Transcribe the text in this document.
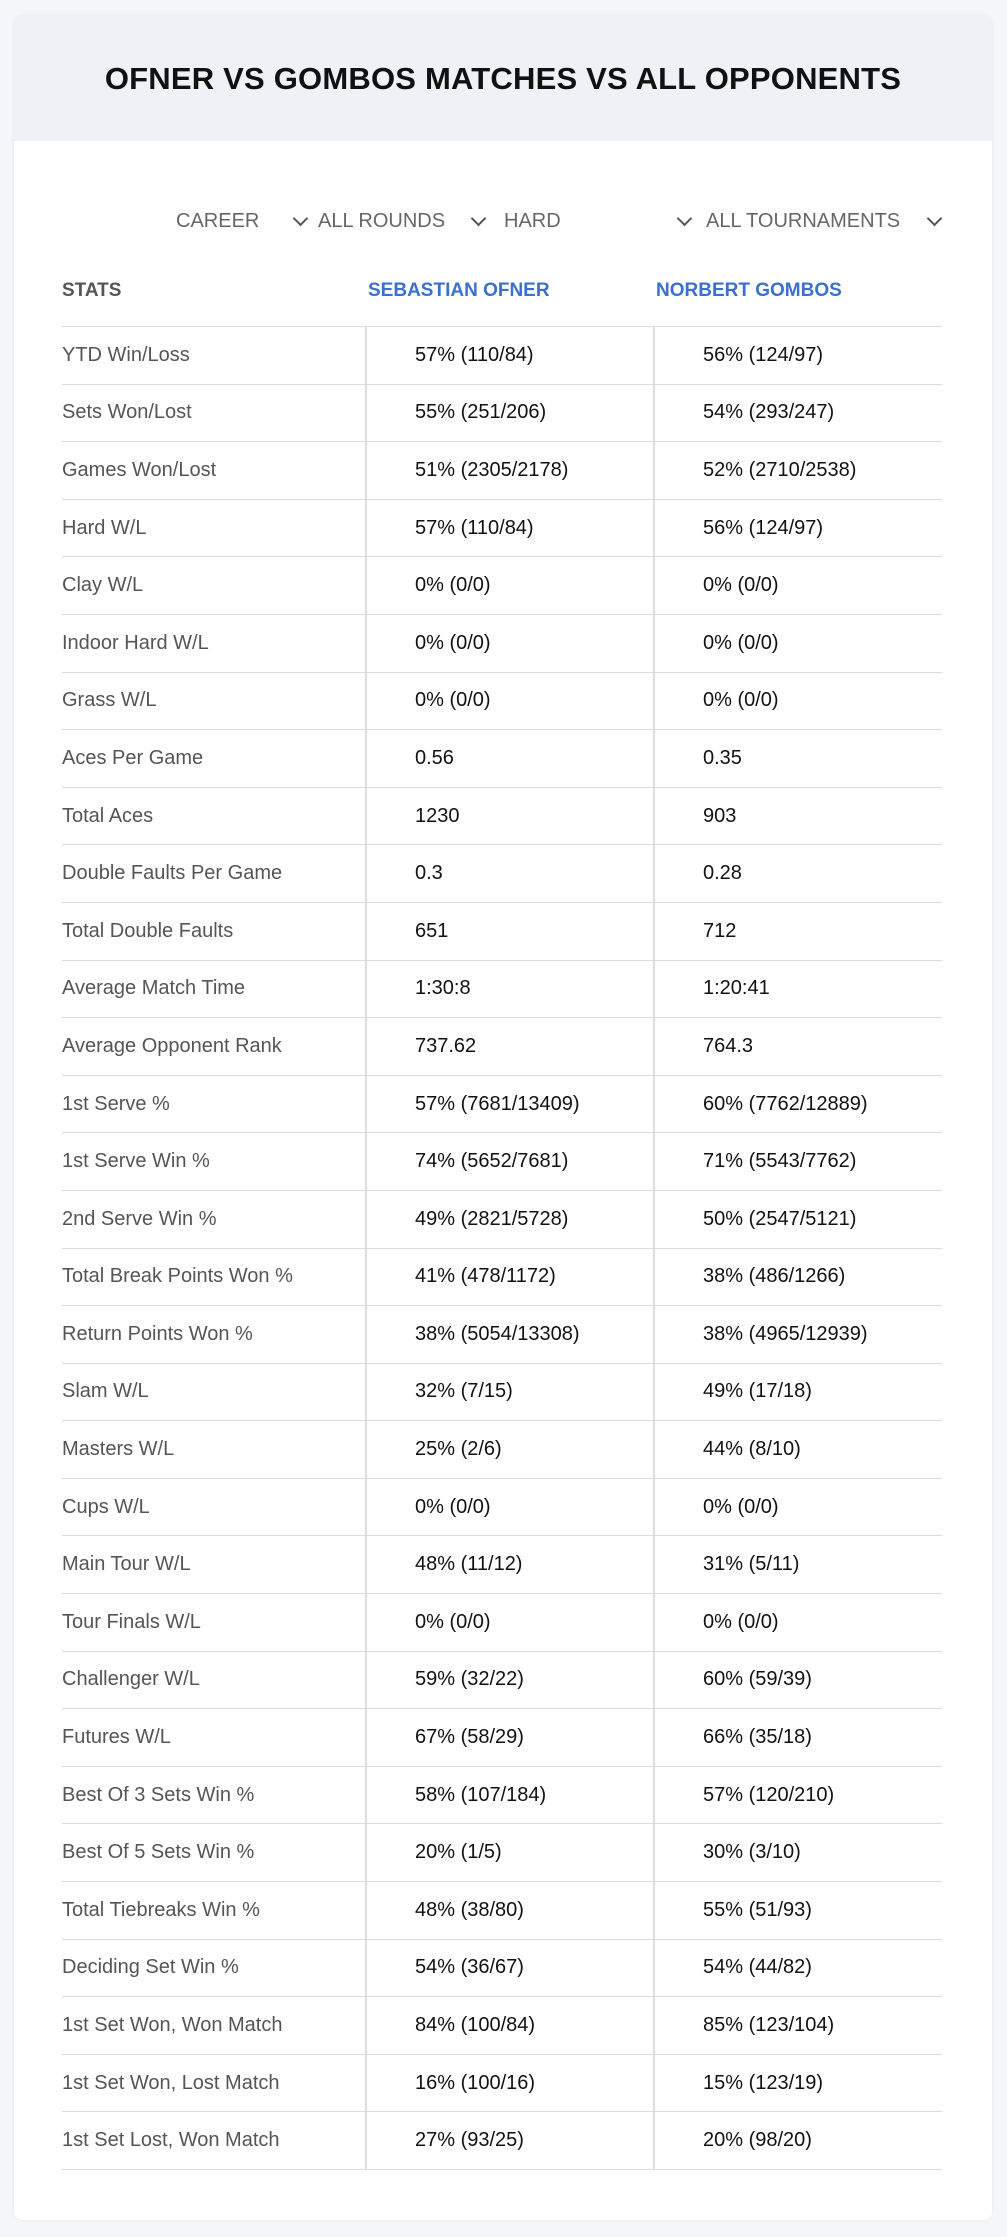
OFNER VS GOMBOS MATCHES VS ALL OPPONENTS
CAREER	ALL ROUNDS	HARD	ALL TOURNAMENTS
STATS	SEBASTIAN OFNER	NORBERT GOMBOS
YTD Win/Loss	57% (110/84)	56% (124/97)
Sets Won/Lost	55% (251/206)	54% (293/247)
Games Won/Lost	51% (2305/2178)	52% (2710/2538)
Hard W/L	57% (110/84)	56% (124/97)
Clay W/L	0% (0/0)	0% (0/0)
Indoor Hard W/L	0% (0/0)	0% (0/0)
Grass W/L	0% (0/0)	0% (0/0)
Aces Per Game	0.56	0.35
Total Aces	1230	903
Double Faults Per Game	0.3	0.28
Total Double Faults	651	712
Average Match Time	1:30:8	1:20:41
Average Opponent Rank	737.62	764.3
1st Serve %	57% (7681/13409)	60% (7762/12889)
1st Serve Win %	74% (5652/7681)	71% (5543/7762)
2nd Serve Win %	49% (2821/5728)	50% (2547/5121)
Total Break Points Won %	41% (478/1172)	38% (486/1266)
Return Points Won %	38% (5054/13308)	38% (4965/12939)
Slam W/L	32% (7/15)	49% (17/18)
Masters W/L	25% (2/6)	44% (8/10)
Cups W/L	0% (0/0)	0% (0/0)
Main Tour W/L	48% (11/12)	31% (5/11)
Tour Finals W/L	0% (0/0)	0% (0/0)
Challenger W/L	59% (32/22)	60% (59/39)
Futures W/L	67% (58/29)	66% (35/18)
Best Of 3 Sets Win %	58% (107/184)	57% (120/210)
Best Of 5 Sets Win %	20% (1/5)	30% (3/10)
Total Tiebreaks Win %	48% (38/80)	55% (51/93)
Deciding Set Win %	54% (36/67)	54% (44/82)
1st Set Won, Won Match	84% (100/84)	85% (123/104)
1st Set Won, Lost Match	16% (100/16)	15% (123/19)
1st Set Lost, Won Match	27% (93/25)	20% (98/20)
